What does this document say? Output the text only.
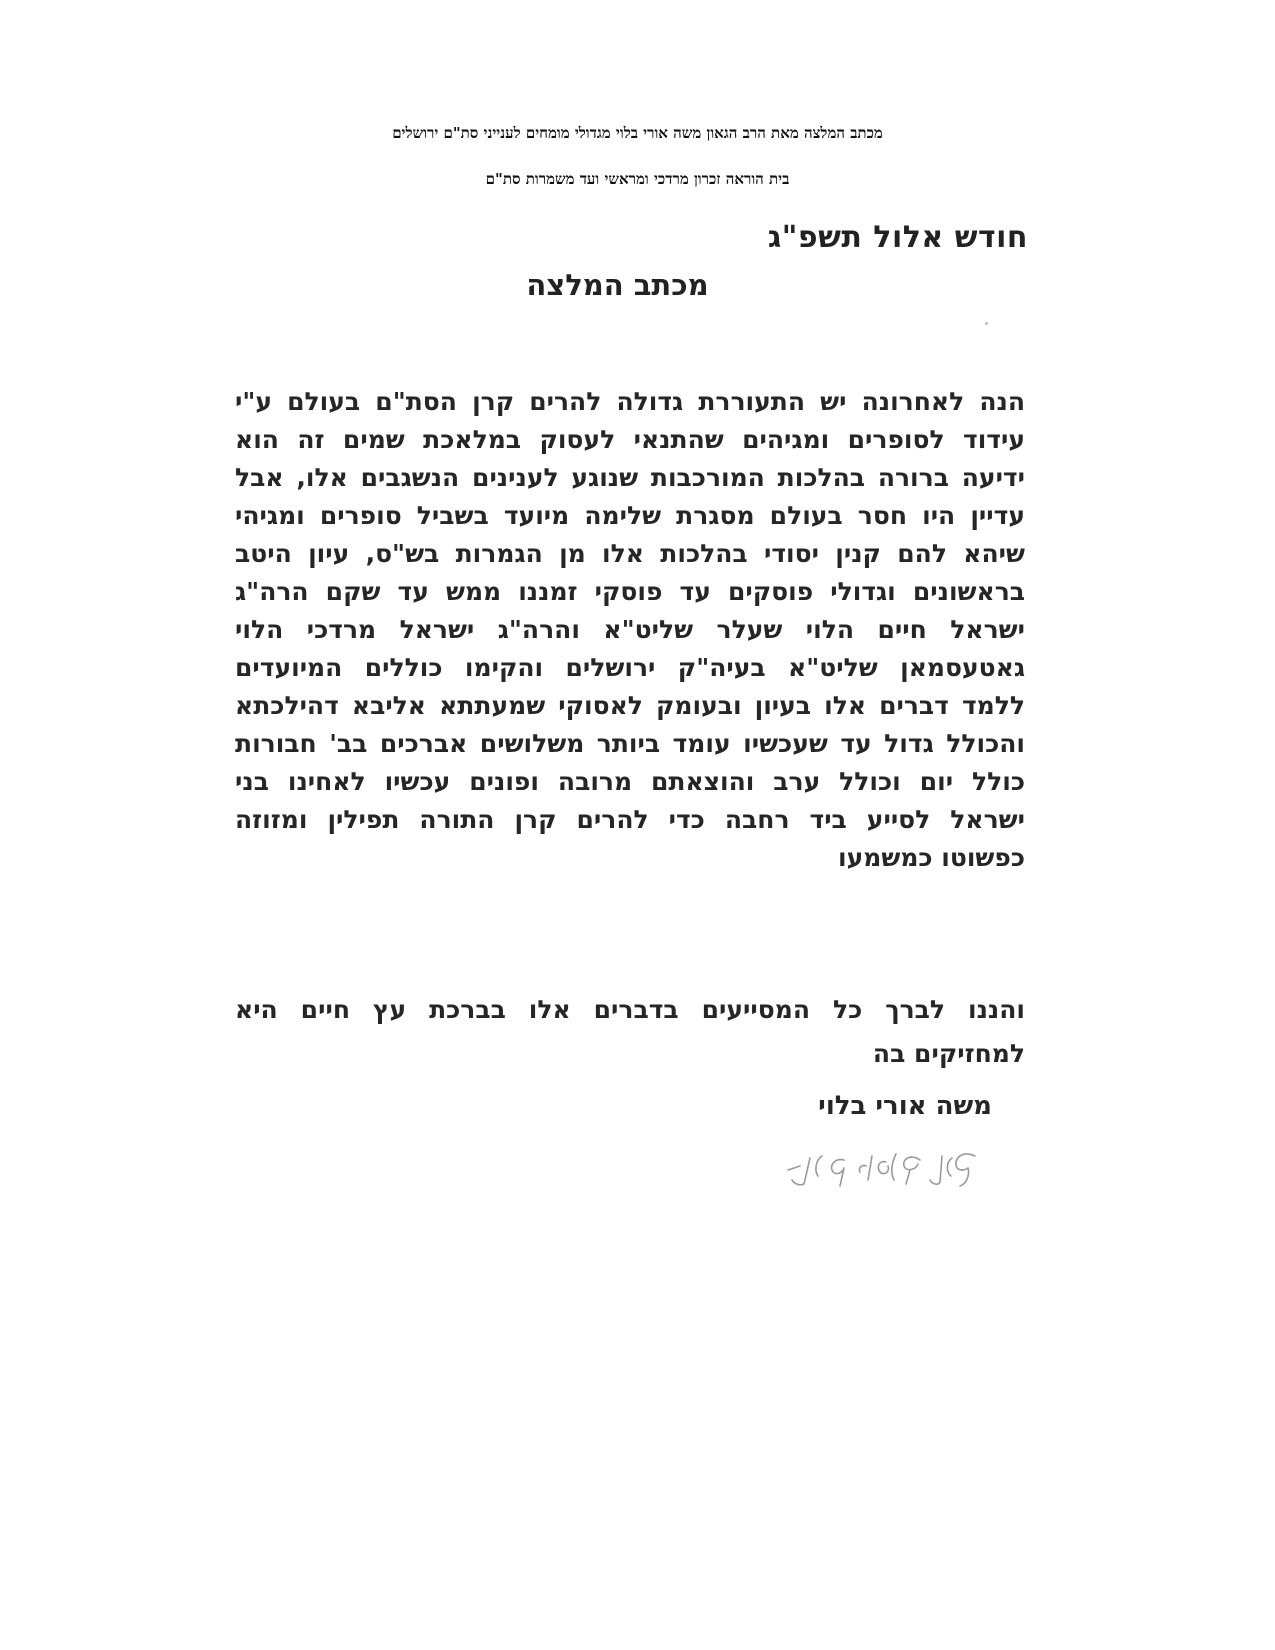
מכתב המלצה מאת הרב הגאון משה אורי בלוי מגדולי מומחים לענייני סת"ם ירושלים
בית הוראה זכרון מרדכי ומראשי ועד משמרות סת"ם
חודש אלול תשפ"ג
מכתב המלצה
הנה לאחרונה יש התעוררת גדולה להרים קרן הסת"ם בעולם ע"י
עידוד לסופרים ומגיהים שהתנאי לעסוק במלאכת שמים זה הוא
ידיעה ברורה בהלכות המורכבות שנוגע לענינים הנשגבים אלו, אבל
עדיין היו חסר בעולם מסגרת שלימה מיועד בשביל סופרים ומגיהי
שיהא להם קנין יסודי בהלכות אלו מן הגמרות בש"ס, עיון היטב
בראשונים וגדולי פוסקים עד פוסקי זמננו ממש עד שקם הרה"ג
ישראל חיים הלוי שעלר שליט"א והרה"ג ישראל מרדכי הלוי
גאטעסמאן שליט"א בעיה"ק ירושלים והקימו כוללים המיועדים
ללמד דברים אלו בעיון ובעומק לאסוקי שמעתתא אליבא דהילכתא
והכולל גדול עד שעכשיו עומד ביותר משלושים אברכים בב' חבורות
כולל יום וכולל ערב והוצאתם מרובה ופונים עכשיו לאחינו בני
ישראל לסייע ביד רחבה כדי להרים קרן התורה תפילין ומזוזה
כפשוטו כמשמעו
והננו לברך כל המסייעים בדברים אלו בברכת עץ חיים היא
למחזיקים בה
משה אורי בלוי
